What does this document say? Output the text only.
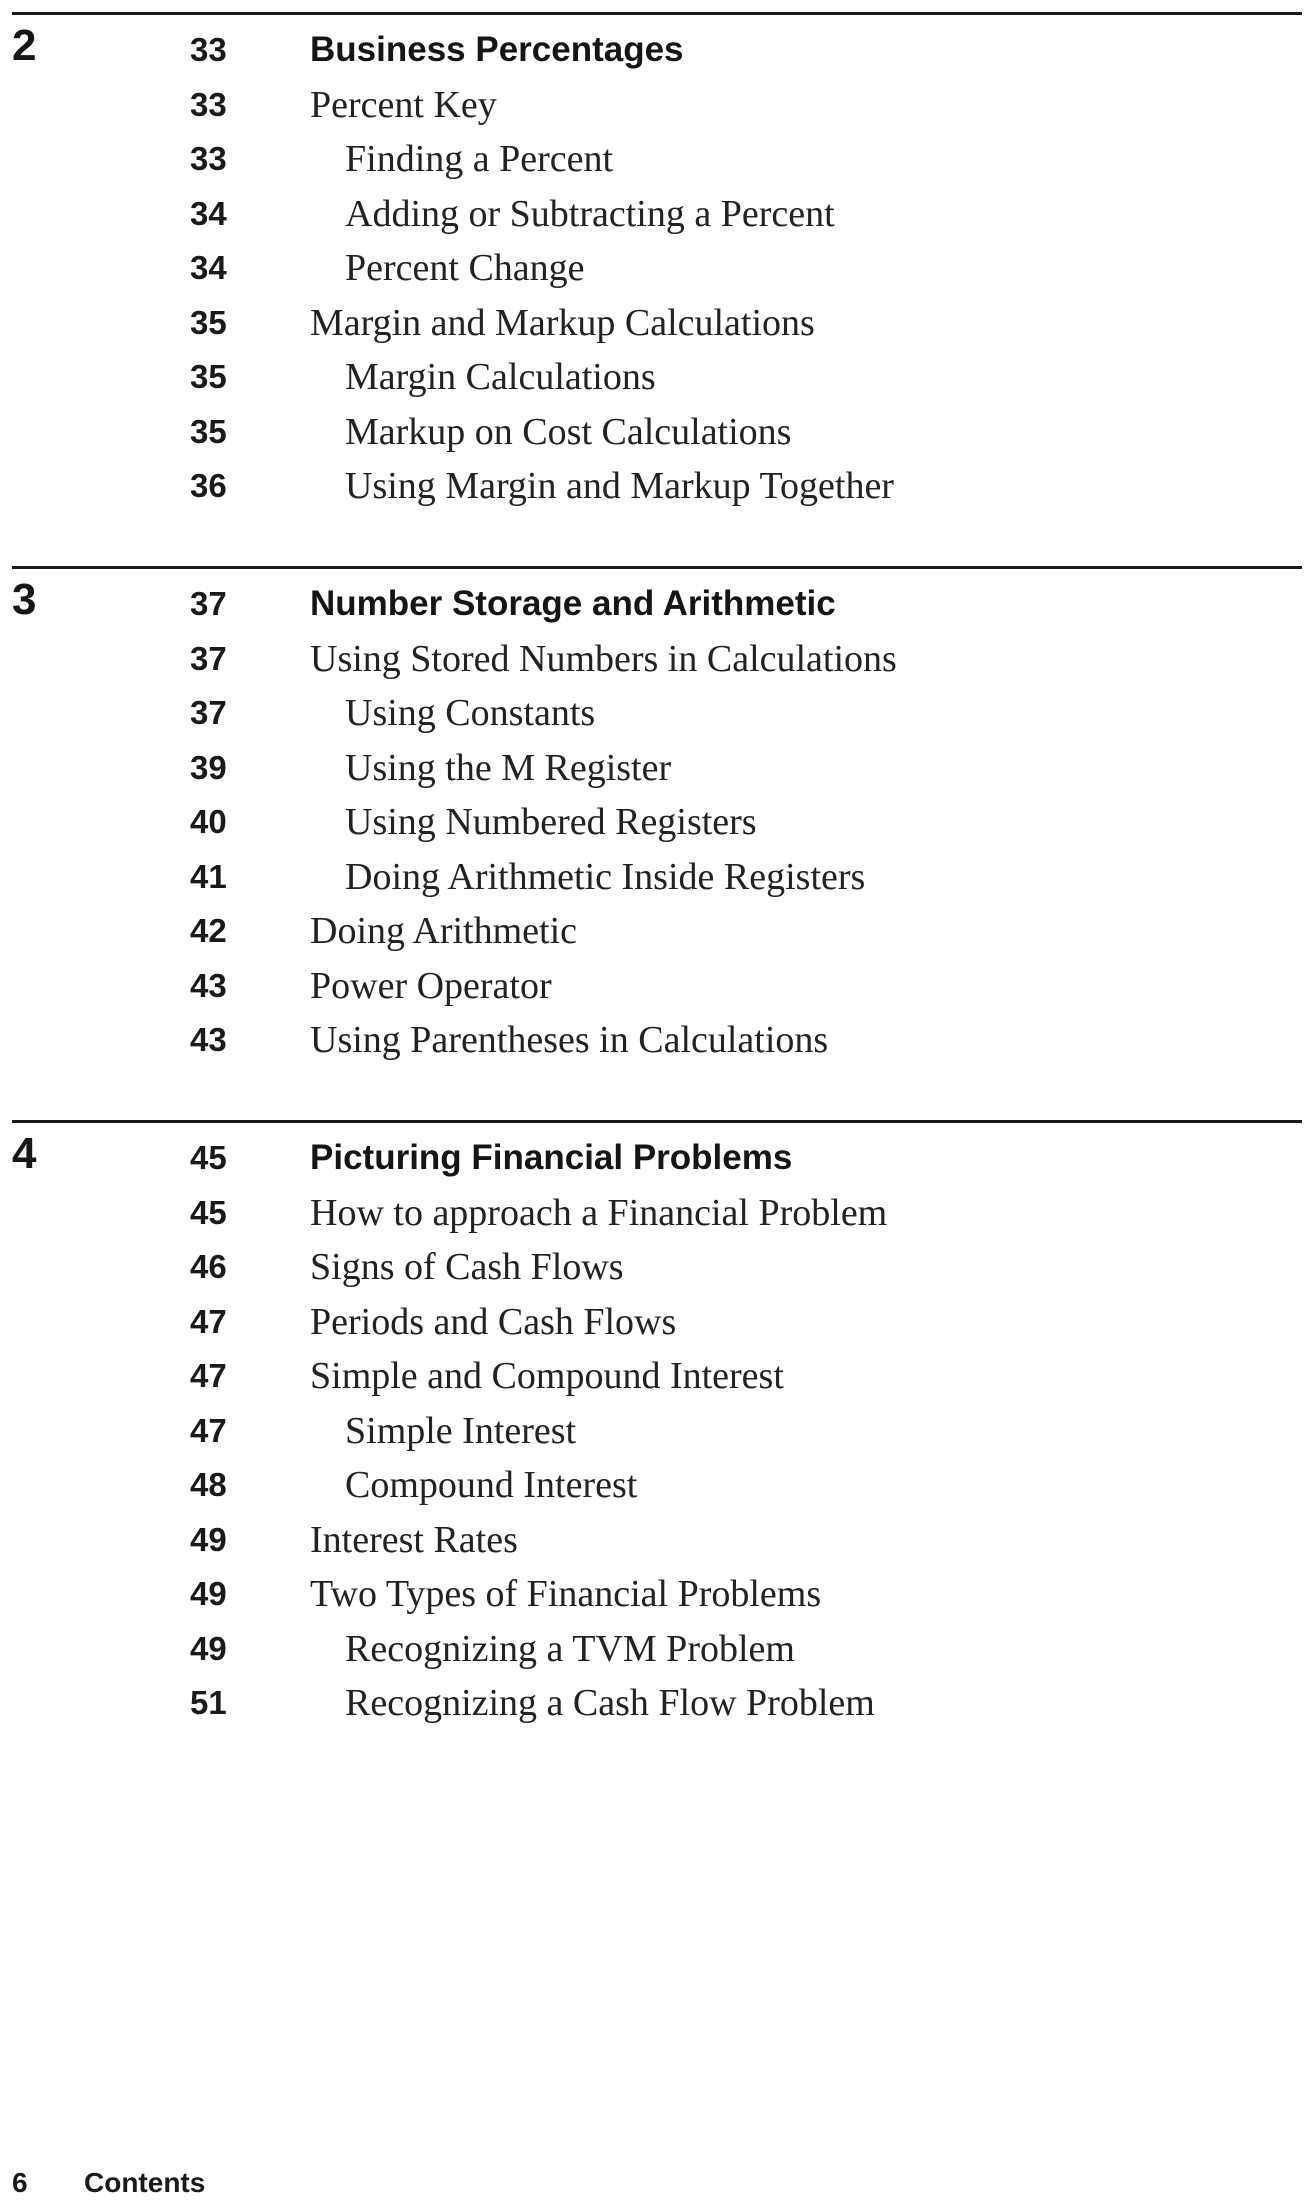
2	33	Business Percentages
33	Percent Key
33	Finding a Percent
34	Adding or Subtracting a Percent
34	Percent Change
35	Margin and Markup Calculations
35	Margin Calculations
35	Markup on Cost Calculations
36	Using Margin and Markup Together
3	37	Number Storage and Arithmetic
37	Using Stored Numbers in Calculations
37	Using Constants
39	Using the M Register
40	Using Numbered Registers
41	Doing Arithmetic Inside Registers
42	Doing Arithmetic
43	Power Operator
43	Using Parentheses in Calculations
4	45	Picturing Financial Problems
45	How to approach a Financial Problem
46	Signs of Cash Flows
47	Periods and Cash Flows
47	Simple and Compound Interest
47	Simple Interest
48	Compound Interest
49	Interest Rates
49	Two Types of Financial Problems
49	Recognizing a TVM Problem
51	Recognizing a Cash Flow Problem
6 Contents
